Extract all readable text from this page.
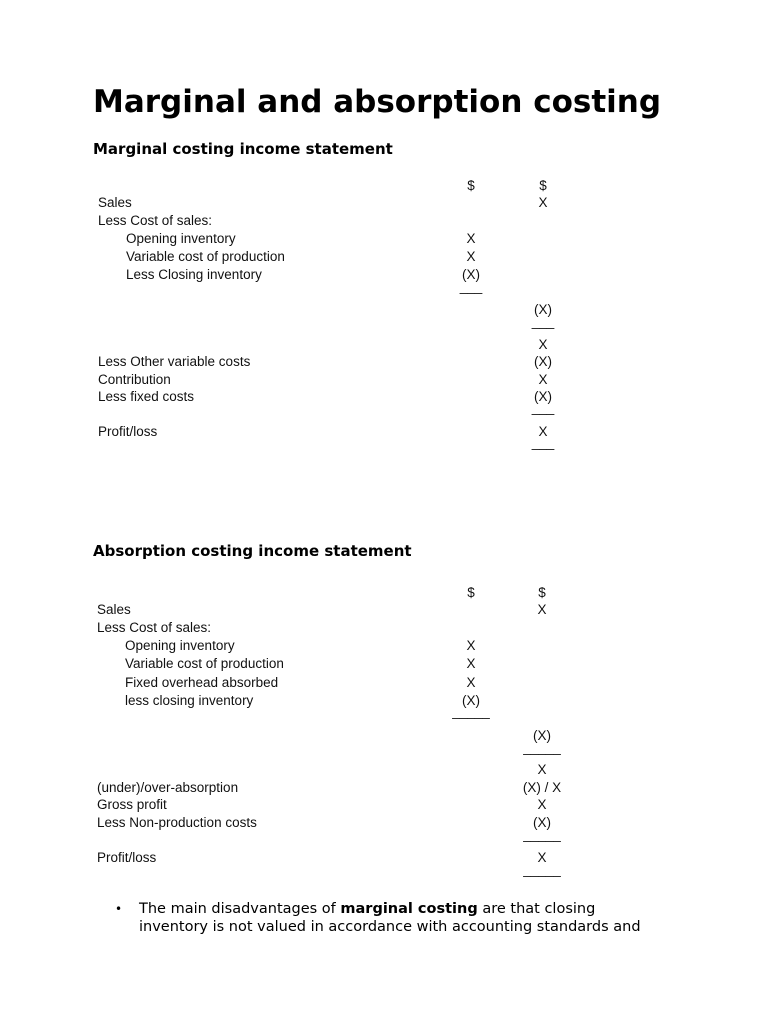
Marginal and absorption costing
Marginal costing income statement
$	$
Sales	X
Less Cost of sales:
Opening inventory	X
Variable cost of production	X
Less Closing inventory	(X)
___
(X)
___
X
Less Other variable costs	(X)
Contribution	X
Less fixed costs	(X)
___
Profit/loss	X
___
Absorption costing income statement
$	$
Sales	X
Less Cost of sales:
Opening inventory	X
Variable cost of production	X
Fixed overhead absorbed	X
less closing inventory	(X)
_____
(X)
_____
X
(under)/over-absorption	(X) / X
Gross profit	X
Less Non-production costs	(X)
_____
Profit/loss	X
_____
• The main disadvantages of marginal costing are that closing
inventory is not valued in accordance with accounting standards and
